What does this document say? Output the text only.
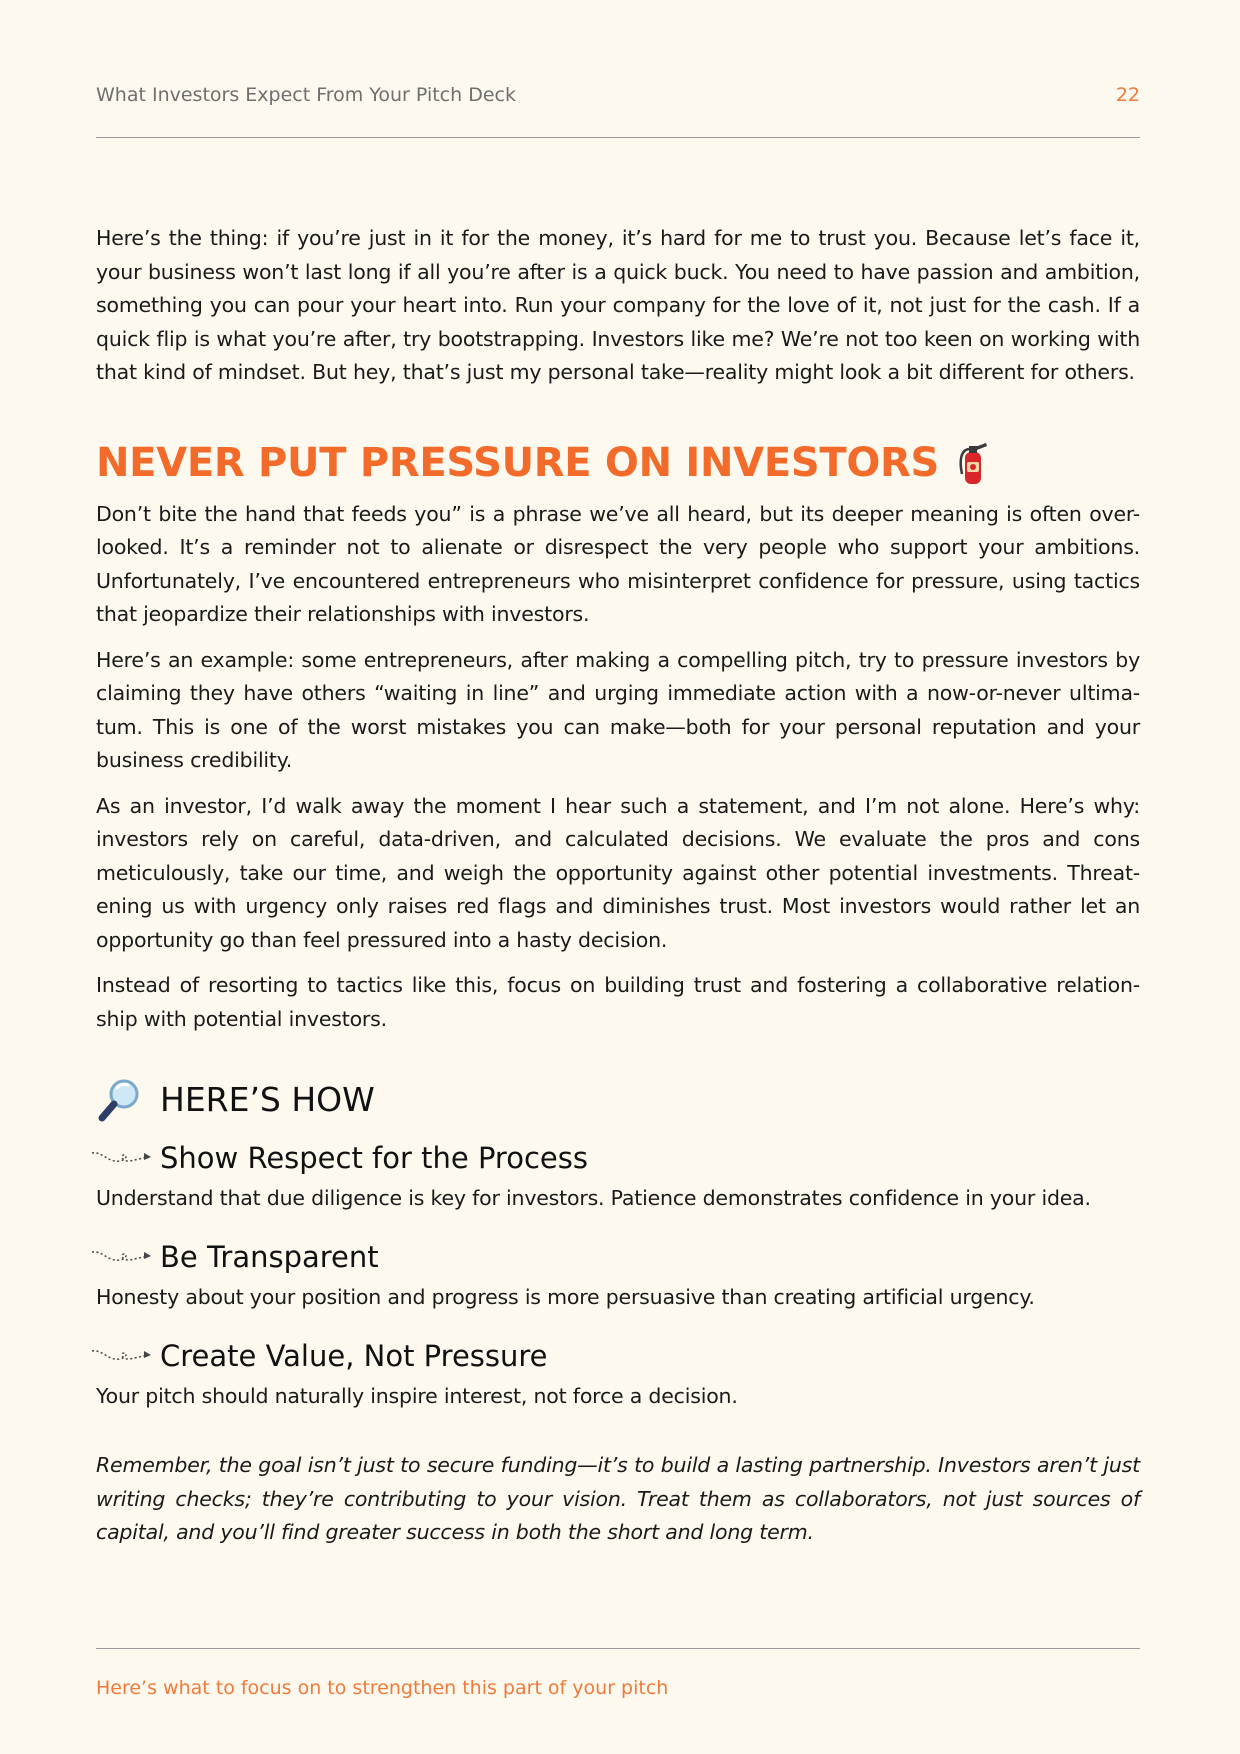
What Investors Expect From Your Pitch Deck	22

Here’s the thing: if you’re just in it for the money, it’s hard for me to trust you. Because let’s face it, your business won’t last long if all you’re after is a quick buck. You need to have passion and ambition, something you can pour your heart into. Run your company for the love of it, not just for the cash. If a quick flip is what you’re after, try bootstrapping. Investors like me? We’re not too keen on working with that kind of mindset. But hey, that’s just my personal take—reality might look a bit different for others.

NEVER PUT PRESSURE ON INVESTORS

Don’t bite the hand that feeds you” is a phrase we’ve all heard, but its deeper meaning is often over-looked. It’s a reminder not to alienate or disrespect the very people who support your ambitions. Unfortunately, I’ve encountered entrepreneurs who misinterpret confidence for pressure, using tactics that jeopardize their relationships with investors.

Here’s an example: some entrepreneurs, after making a compelling pitch, try to pressure investors by claiming they have others “waiting in line” and urging immediate action with a now-or-never ultima-tum. This is one of the worst mistakes you can make—both for your personal reputation and your business credibility.

As an investor, I’d walk away the moment I hear such a statement, and I’m not alone. Here’s why: investors rely on careful, data-driven, and calculated decisions. We evaluate the pros and cons meticulously, take our time, and weigh the opportunity against other potential investments. Threat-ening us with urgency only raises red flags and diminishes trust. Most investors would rather let an opportunity go than feel pressured into a hasty decision.

Instead of resorting to tactics like this, focus on building trust and fostering a collaborative relation-ship with potential investors.

HERE’S HOW
Show Respect for the Process
Understand that due diligence is key for investors. Patience demonstrates confidence in your idea.
Be Transparent
Honesty about your position and progress is more persuasive than creating artificial urgency.
Create Value, Not Pressure
Your pitch should naturally inspire interest, not force a decision.

Remember, the goal isn’t just to secure funding—it’s to build a lasting partnership. Investors aren’t just writing checks; they’re contributing to your vision. Treat them as collaborators, not just sources of capital, and you’ll find greater success in both the short and long term.

Here’s what to focus on to strengthen this part of your pitch
